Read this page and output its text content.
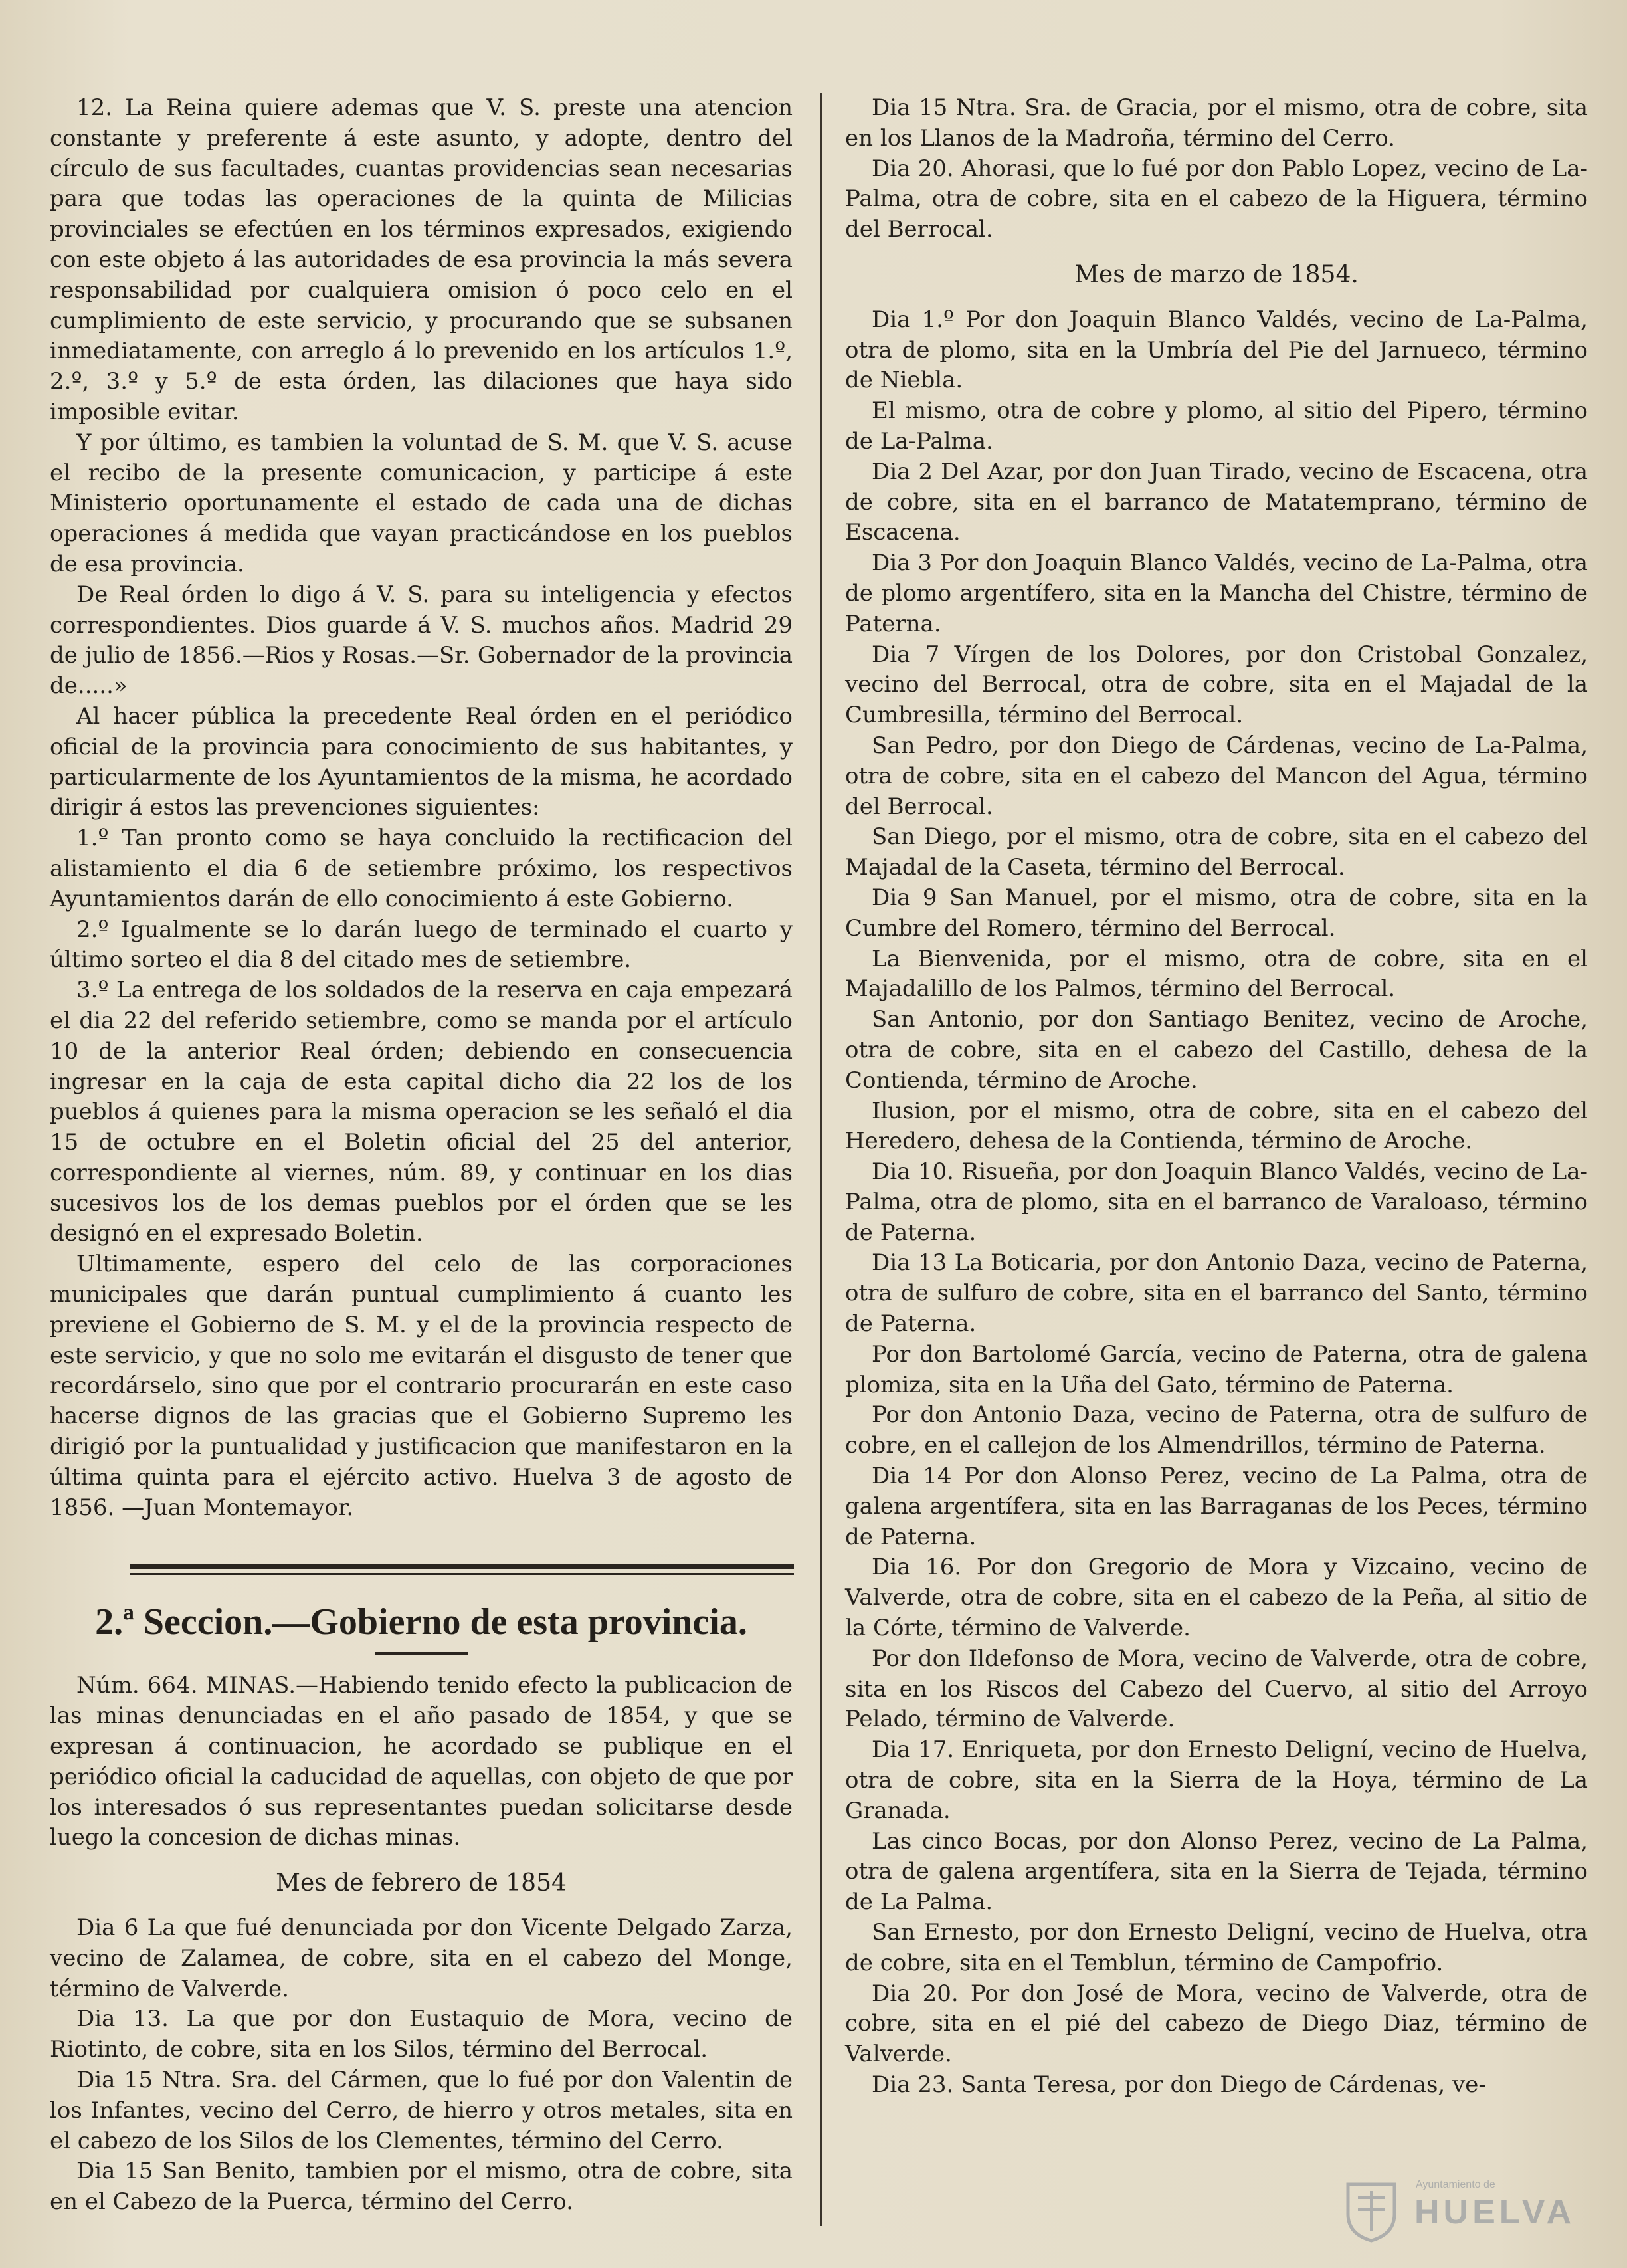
12. La Reina quiere ademas que V. S. preste una atencion constante y preferente á este asunto, y adopte, dentro del círculo de sus facultades, cuantas providencias sean necesarias para que todas las operaciones de la quinta de Milicias provinciales se efectúen en los términos expresados, exigiendo con este objeto á las autoridades de esa provincia la más severa responsabilidad por cualquiera omision ó poco celo en el cumplimiento de este servicio, y procurando que se subsanen inmediatamente, con arreglo á lo prevenido en los artículos 1.º, 2.º, 3.º y 5.º de esta órden, las dilaciones que haya sido imposible evitar.

Y por último, es tambien la voluntad de S. M. que V. S. acuse el recibo de la presente comunicacion, y participe á este Ministerio oportunamente el estado de cada una de dichas operaciones á medida que vayan practicándose en los pueblos de esa provincia.

De Real órden lo digo á V. S. para su inteligencia y efectos correspondientes. Dios guarde á V. S. muchos años. Madrid 29 de julio de 1856.—Rios y Rosas.—Sr. Gobernador de la provincia de.....»

Al hacer pública la precedente Real órden en el periódico oficial de la provincia para conocimiento de sus habitantes, y particularmente de los Ayuntamientos de la misma, he acordado dirigir á estos las prevenciones siguientes:

1.º Tan pronto como se haya concluido la rectificacion del alistamiento el dia 6 de setiembre próximo, los respectivos Ayuntamientos darán de ello conocimiento á este Gobierno.

2.º Igualmente se lo darán luego de terminado el cuarto y último sorteo el dia 8 del citado mes de setiembre.

3.º La entrega de los soldados de la reserva en caja empezará el dia 22 del referido setiembre, como se manda por el artículo 10 de la anterior Real órden; debiendo en consecuencia ingresar en la caja de esta capital dicho dia 22 los de los pueblos á quienes para la misma operacion se les señaló el dia 15 de octubre en el Boletin oficial del 25 del anterior, correspondiente al viernes, núm. 89, y continuar en los dias sucesivos los de los demas pueblos por el órden que se les designó en el expresado Boletin.

Ultimamente, espero del celo de las corporaciones municipales que darán puntual cumplimiento á cuanto les previene el Gobierno de S. M. y el de la provincia respecto de este servicio, y que no solo me evitarán el disgusto de tener que recordárselo, sino que por el contrario procurarán en este caso hacerse dignos de las gracias que el Gobierno Supremo les dirigió por la puntualidad y justificacion que manifestaron en la última quinta para el ejército activo. Huelva 3 de agosto de 1856. —Juan Montemayor.

2.ª Seccion.—Gobierno de esta provincia.

Núm. 664. MINAS.—Habiendo tenido efecto la publicacion de las minas denunciadas en el año pasado de 1854, y que se expresan á continuacion, he acordado se publique en el periódico oficial la caducidad de aquellas, con objeto de que por los interesados ó sus representantes puedan solicitarse desde luego la concesion de dichas minas.

Mes de febrero de 1854

Dia 6 La que fué denunciada por don Vicente Delgado Zarza, vecino de Zalamea, de cobre, sita en el cabezo del Monge, término de Valverde.

Dia 13. La que por don Eustaquio de Mora, vecino de Riotinto, de cobre, sita en los Silos, término del Berrocal.

Dia 15 Ntra. Sra. del Cármen, que lo fué por don Valentin de los Infantes, vecino del Cerro, de hierro y otros metales, sita en el cabezo de los Silos de los Clementes, término del Cerro.

Dia 15 San Benito, tambien por el mismo, otra de cobre, sita en el Cabezo de la Puerca, término del Cerro.

Dia 15 Ntra. Sra. de Gracia, por el mismo, otra de cobre, sita en los Llanos de la Madroña, término del Cerro.

Dia 20. Ahorasi, que lo fué por don Pablo Lopez, vecino de La-Palma, otra de cobre, sita en el cabezo de la Higuera, término del Berrocal.

Mes de marzo de 1854.

Dia 1.º Por don Joaquin Blanco Valdés, vecino de La-Palma, otra de plomo, sita en la Umbría del Pie del Jarnueco, término de Niebla.

El mismo, otra de cobre y plomo, al sitio del Pipero, término de La-Palma.

Dia 2 Del Azar, por don Juan Tirado, vecino de Escacena, otra de cobre, sita en el barranco de Matatemprano, término de Escacena.

Dia 3 Por don Joaquin Blanco Valdés, vecino de La-Palma, otra de plomo argentífero, sita en la Mancha del Chistre, término de Paterna.

Dia 7 Vírgen de los Dolores, por don Cristobal Gonzalez, vecino del Berrocal, otra de cobre, sita en el Majadal de la Cumbresilla, término del Berrocal.

San Pedro, por don Diego de Cárdenas, vecino de La-Palma, otra de cobre, sita en el cabezo del Mancon del Agua, término del Berrocal.

San Diego, por el mismo, otra de cobre, sita en el cabezo del Majadal de la Caseta, término del Berrocal.

Dia 9 San Manuel, por el mismo, otra de cobre, sita en la Cumbre del Romero, término del Berrocal.

La Bienvenida, por el mismo, otra de cobre, sita en el Majadalillo de los Palmos, término del Berrocal.

San Antonio, por don Santiago Benitez, vecino de Aroche, otra de cobre, sita en el cabezo del Castillo, dehesa de la Contienda, término de Aroche.

Ilusion, por el mismo, otra de cobre, sita en el cabezo del Heredero, dehesa de la Contienda, término de Aroche.

Dia 10. Risueña, por don Joaquin Blanco Valdés, vecino de La-Palma, otra de plomo, sita en el barranco de Varaloaso, término de Paterna.

Dia 13 La Boticaria, por don Antonio Daza, vecino de Paterna, otra de sulfuro de cobre, sita en el barranco del Santo, término de Paterna.

Por don Bartolomé García, vecino de Paterna, otra de galena plomiza, sita en la Uña del Gato, término de Paterna.

Por don Antonio Daza, vecino de Paterna, otra de sulfuro de cobre, en el callejon de los Almendrillos, término de Paterna.

Dia 14 Por don Alonso Perez, vecino de La Palma, otra de galena argentífera, sita en las Barraganas de los Peces, término de Paterna.

Dia 16. Por don Gregorio de Mora y Vizcaino, vecino de Valverde, otra de cobre, sita en el cabezo de la Peña, al sitio de la Córte, término de Valverde.

Por don Ildefonso de Mora, vecino de Valverde, otra de cobre, sita en los Riscos del Cabezo del Cuervo, al sitio del Arroyo Pelado, término de Valverde.

Dia 17. Enriqueta, por don Ernesto Deligní, vecino de Huelva, otra de cobre, sita en la Sierra de la Hoya, término de La Granada.

Las cinco Bocas, por don Alonso Perez, vecino de La Palma, otra de galena argentífera, sita en la Sierra de Tejada, término de La Palma.

San Ernesto, por don Ernesto Deligní, vecino de Huelva, otra de cobre, sita en el Temblun, término de Campofrio.

Dia 20. Por don José de Mora, vecino de Valverde, otra de cobre, sita en el pié del cabezo de Diego Diaz, término de Valverde.

Dia 23. Santa Teresa, por don Diego de Cárdenas, ve-

Ayuntamiento de
HUELVA
